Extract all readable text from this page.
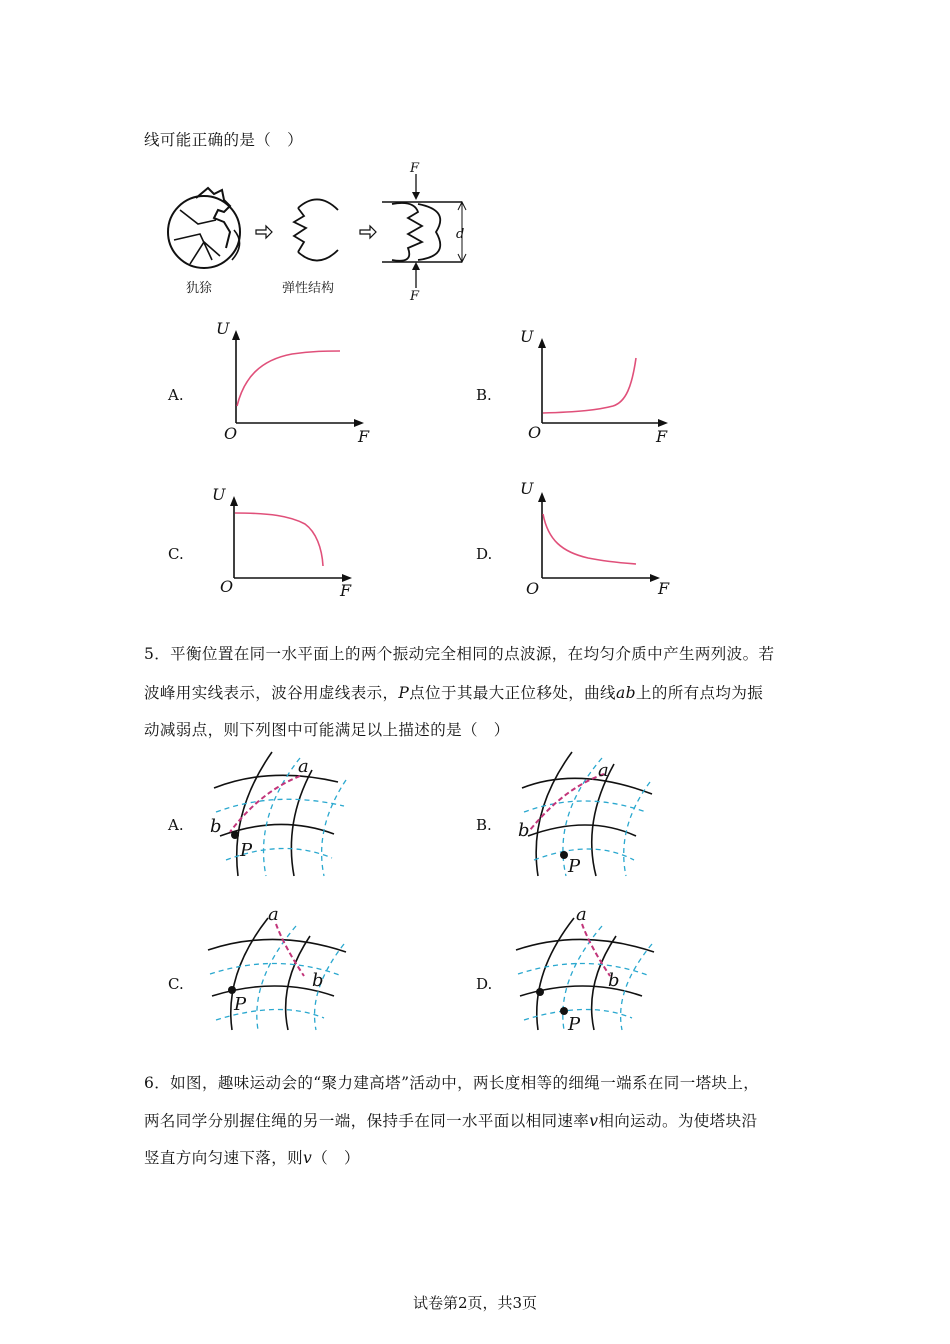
线可能正确的是（　）
犰狳	弹性结构
F
F
d
A.	B.
C.	D.
U
O	F
U
O	F
U
O	F
U
O	F
5．平衡位置在同一水平面上的两个振动完全相同的点波源，在均匀介质中产生两列波。若
波峰用实线表示，波谷用虚线表示，P点位于其最大正位移处，曲线ab上的所有点均为振
动减弱点，则下列图中可能满足以上描述的是（　）
A.	B.
C.	D.
a
b
P
a
b
P
a
b
P
a
b
P
6．如图，趣味运动会的“聚力建高塔”活动中，两长度相等的细绳一端系在同一塔块上，
两名同学分别握住绳的另一端，保持手在同一水平面以相同速率v相向运动。为使塔块沿
竖直方向匀速下落，则v（　）
试卷第2页，共3页
